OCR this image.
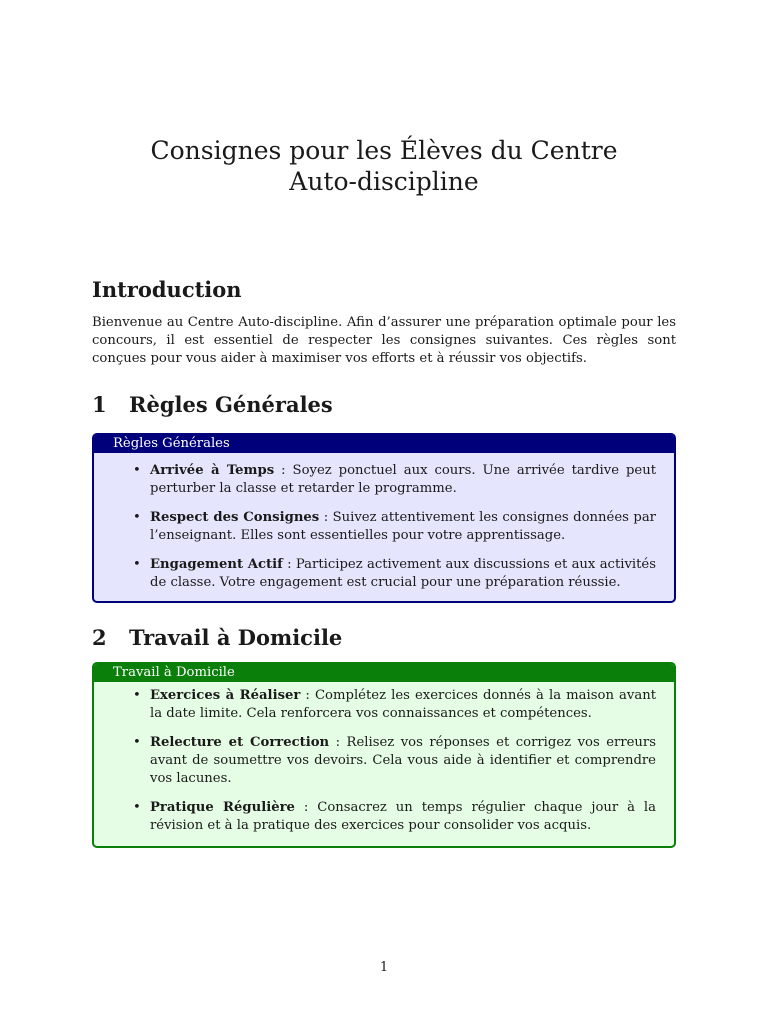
Consignes pour les Élèves du Centre
Auto-discipline
Introduction

Bienvenue au Centre Auto-discipline. Afin d’assurer une préparation optimale pour les concours, il est essentiel de respecter les consignes suivantes. Ces règles sont conçues pour vous aider à maximiser vos efforts et à réussir vos objectifs.

1 Règles Générales
Règles Générales
• Arrivée à Temps : Soyez ponctuel aux cours. Une arrivée tardive peut perturber la classe et retarder le programme.
• Respect des Consignes : Suivez attentivement les consignes données par l’enseignant. Elles sont essentielles pour votre apprentissage.
• Engagement Actif : Participez activement aux discussions et aux activités de classe. Votre engagement est crucial pour une préparation réussie.
2 Travail à Domicile
Travail à Domicile
• Exercices à Réaliser : Complétez les exercices donnés à la maison avant la date limite. Cela renforcera vos connaissances et compétences.
• Relecture et Correction : Relisez vos réponses et corrigez vos erreurs avant de soumettre vos devoirs. Cela vous aide à identifier et comprendre vos lacunes.
• Pratique Régulière : Consacrez un temps régulier chaque jour à la révision et à la pratique des exercices pour consolider vos acquis.
1
